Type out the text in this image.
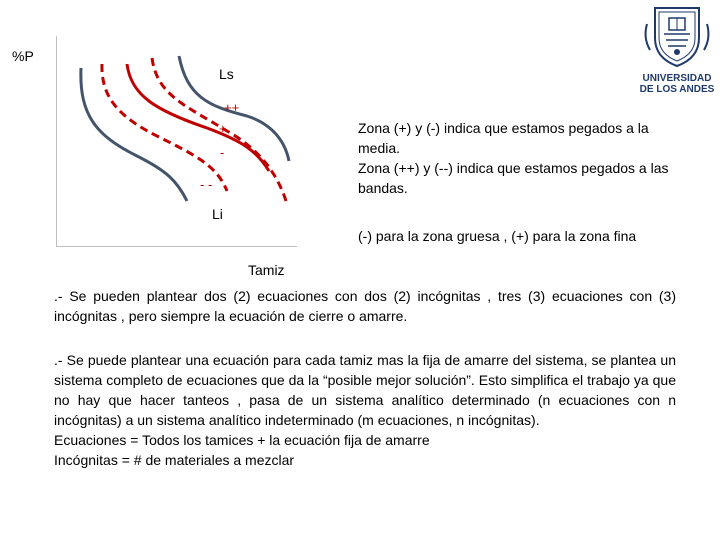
%P
Ls
Li
++
+
-
- -
Tamiz
Zona (+) y (-) indica que estamos pegados a la media.
Zona (++) y (--) indica que estamos pegados a las bandas.
(-) para la zona gruesa , (+) para la zona fina
.- Se pueden plantear dos (2) ecuaciones con dos (2) incógnitas , tres (3) ecuaciones con (3) incógnitas , pero siempre la ecuación de cierre o amarre.
.- Se puede plantear una ecuación para cada tamiz mas la fija de amarre del sistema, se plantea un sistema completo de ecuaciones que da la “posible mejor solución”. Esto simplifica el trabajo ya que no hay que hacer tanteos , pasa de un sistema analítico determinado (n ecuaciones con n incógnitas) a un sistema analítico indeterminado (m ecuaciones, n incógnitas).
Ecuaciones = Todos los tamices + la ecuación fija de amarre
Incógnitas = # de materiales a mezclar
UNIVERSIDAD
DE LOS ANDES
